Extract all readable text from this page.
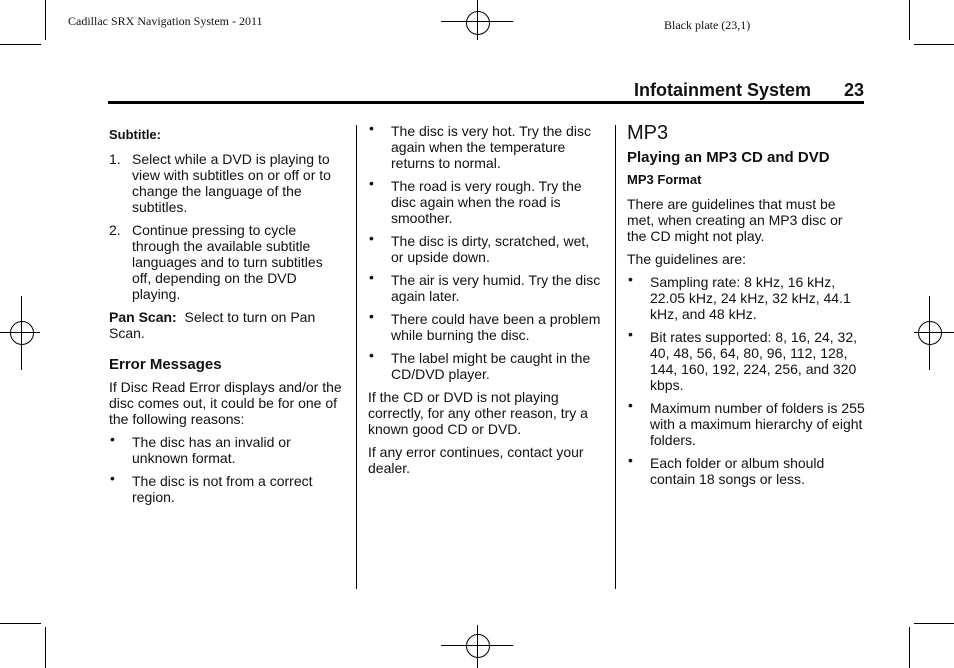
Cadillac SRX Navigation System - 2011	Black plate (23,1)
Infotainment System 23

Subtitle:

1. Select while a DVD is playing to view with subtitles on or off or to change the language of the subtitles.
2. Continue pressing to cycle through the available subtitle languages and to turn subtitles off, depending on the DVD playing.

Pan Scan: Select to turn on Pan Scan.

Error Messages

If Disc Read Error displays and/or the disc comes out, it could be for one of the following reasons:

• The disc has an invalid or unknown format.
• The disc is not from a correct region.
• The disc is very hot. Try the disc again when the temperature returns to normal.
• The road is very rough. Try the disc again when the road is smoother.
• The disc is dirty, scratched, wet, or upside down.
• The air is very humid. Try the disc again later.
• There could have been a problem while burning the disc.
• The label might be caught in the CD/DVD player.

If the CD or DVD is not playing correctly, for any other reason, try a known good CD or DVD.

If any error continues, contact your dealer.

MP3

Playing an MP3 CD and DVD

MP3 Format

There are guidelines that must be met, when creating an MP3 disc or the CD might not play.

The guidelines are:

• Sampling rate: 8 kHz, 16 kHz, 22.05 kHz, 24 kHz, 32 kHz, 44.1 kHz, and 48 kHz.
• Bit rates supported: 8, 16, 24, 32, 40, 48, 56, 64, 80, 96, 112, 128, 144, 160, 192, 224, 256, and 320 kbps.
• Maximum number of folders is 255 with a maximum hierarchy of eight folders.
• Each folder or album should contain 18 songs or less.
